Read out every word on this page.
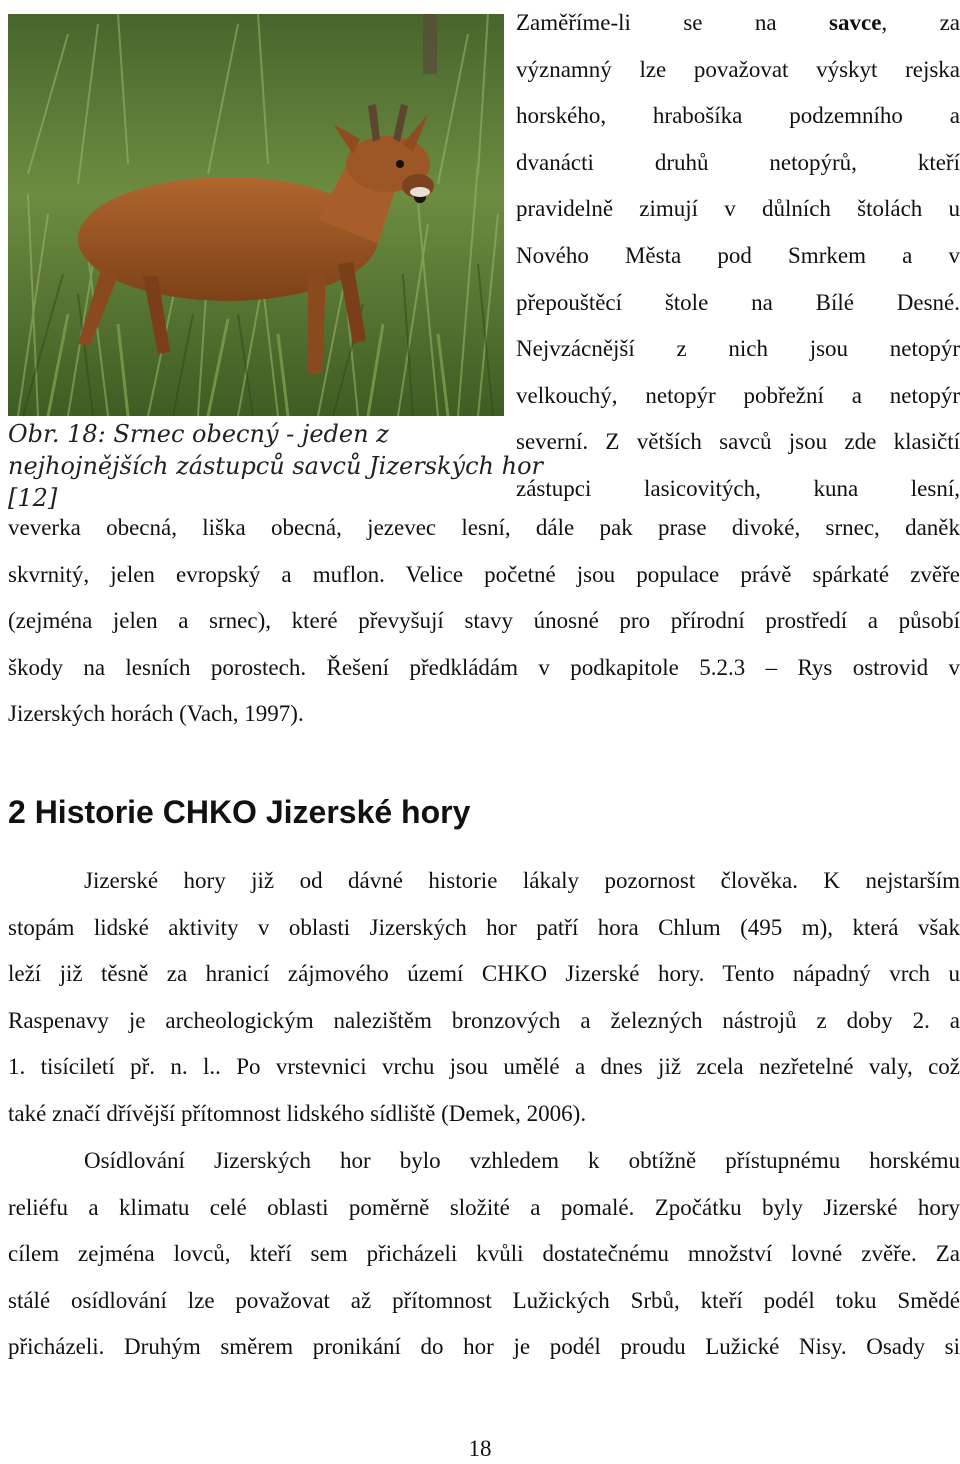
Obr. 18: Srnec obecný - jeden z
nejhojnějších zástupců savců Jizerských hor
[12]
Zaměříme-li se na savce, za
významný lze považovat výskyt rejska
horského, hrabošíka podzemního a
dvanácti druhů netopýrů, kteří
pravidelně zimují v důlních štolách u
Nového Města pod Smrkem a v
přepouštěcí štole na Bílé Desné.
Nejvzácnější z nich jsou netopýr
velkouchý, netopýr pobřežní a netopýr
severní. Z větších savců jsou zde klasičtí
zástupci lasicovitých, kuna lesní,
veverka obecná, liška obecná, jezevec lesní, dále pak prase divoké, srnec, daněk
skvrnitý, jelen evropský a muflon. Velice početné jsou populace právě spárkaté zvěře
(zejména jelen a srnec), které převyšují stavy únosné pro přírodní prostředí a působí
škody na lesních porostech. Řešení předkládám v podkapitole 5.2.3 – Rys ostrovid v
Jizerských horách (Vach, 1997).
2 Historie CHKO Jizerské hory
Jizerské hory již od dávné historie lákaly pozornost člověka. K nejstarším
stopám lidské aktivity v oblasti Jizerských hor patří hora Chlum (495 m), která však
leží již těsně za hranicí zájmového území CHKO Jizerské hory. Tento nápadný vrch u
Raspenavy je archeologickým nalezištěm bronzových a železných nástrojů z doby 2. a
1. tisíciletí př. n. l.. Po vrstevnici vrchu jsou umělé a dnes již zcela nezřetelné valy, což
také značí dřívější přítomnost lidského sídliště (Demek, 2006).
Osídlování Jizerských hor bylo vzhledem k obtížně přístupnému horskému
reliéfu a klimatu celé oblasti poměrně složité a pomalé. Zpočátku byly Jizerské hory
cílem zejména lovců, kteří sem přicházeli kvůli dostatečnému množství lovné zvěře. Za
stálé osídlování lze považovat až přítomnost Lužických Srbů, kteří podél toku Smědé
přicházeli. Druhým směrem pronikání do hor je podél proudu Lužické Nisy. Osady si
18
